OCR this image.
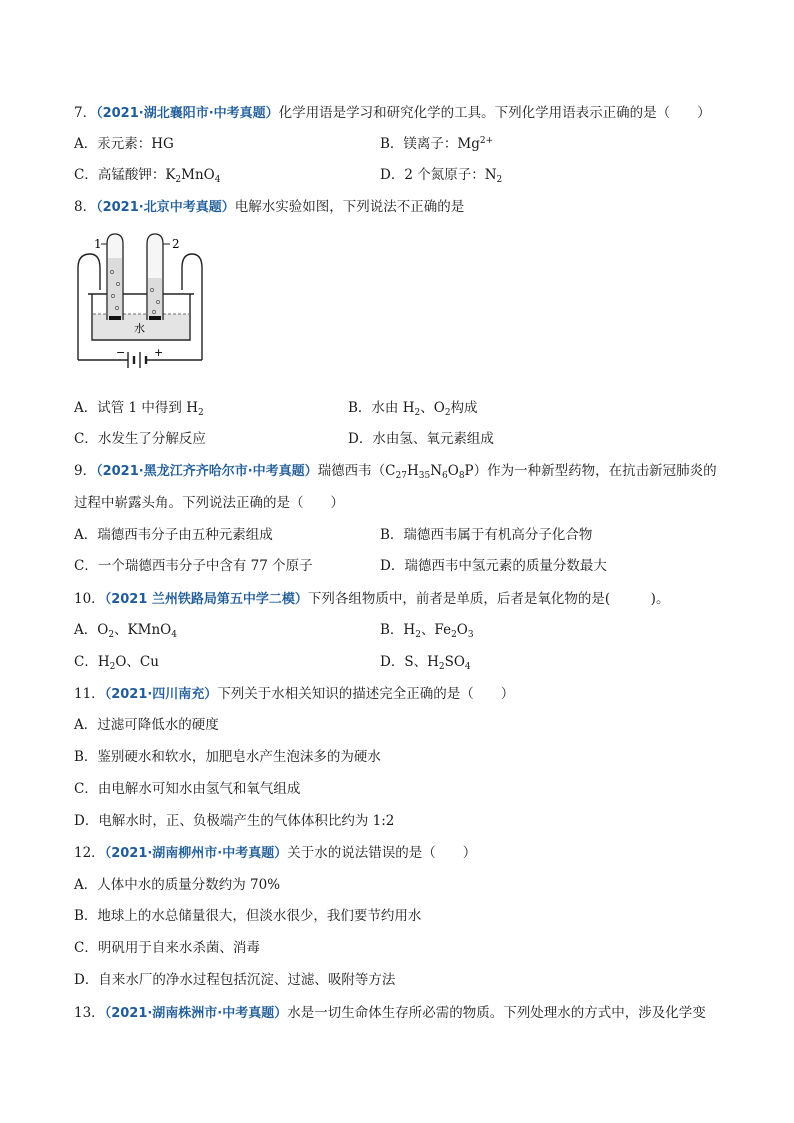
7．（2021·湖北襄阳市·中考真题）化学用语是学习和研究化学的工具。下列化学用语表示正确的是（　　）
A．汞元素：HG	B．镁离子：$Mg^{2+}$
C．高锰酸钾：$K_2MnO_4$	D．2 个氮原子：$N_2$
8．（2021·北京中考真题）电解水实验如图，下列说法不正确的是
1	2
水
−	+
A．试管 1 中得到 $H_2$	B．水由 $H_2$、$O_2$构成
C．水发生了分解反应	D．水由氢、氧元素组成
9．（2021·黑龙江齐齐哈尔市·中考真题）瑞德西韦$(C_{27}H_{35}N_6O_8P)$作为一种新型药物，在抗击新冠肺炎的
过程中崭露头角。下列说法正确的是（　　）
A．瑞德西韦分子由五种元素组成	B．瑞德西韦属于有机高分子化合物
C．一个瑞德西韦分子中含有 77 个原子	D．瑞德西韦中氢元素的质量分数最大
10．（2021 兰州铁路局第五中学二模）下列各组物质中，前者是单质，后者是氧化物的是(　　　)。
A．$O_2$、KMnO$_4$	B．$H_2$、$Fe_2O_3$
C．$H_2O$、Cu	D．S、$H_2SO_4$
11．（2021·四川南充）下列关于水相关知识的描述完全正确的是（　　）
A．过滤可降低水的硬度
B．鉴别硬水和软水，加肥皂水产生泡沫多的为硬水
C．由电解水可知水由氢气和氧气组成
D．电解水时，正、负极端产生的气体体积比约为 1:2
12．（2021·湖南柳州市·中考真题）关于水的说法错误的是（　　）
A．人体中水的质量分数约为 70%
B．地球上的水总储量很大，但淡水很少，我们要节约用水
C．明矾用于自来水杀菌、消毒
D．自来水厂的净水过程包括沉淀、过滤、吸附等方法
13．（2021·湖南株洲市·中考真题）水是一切生命体生存所必需的物质。下列处理水的方式中，涉及化学变
